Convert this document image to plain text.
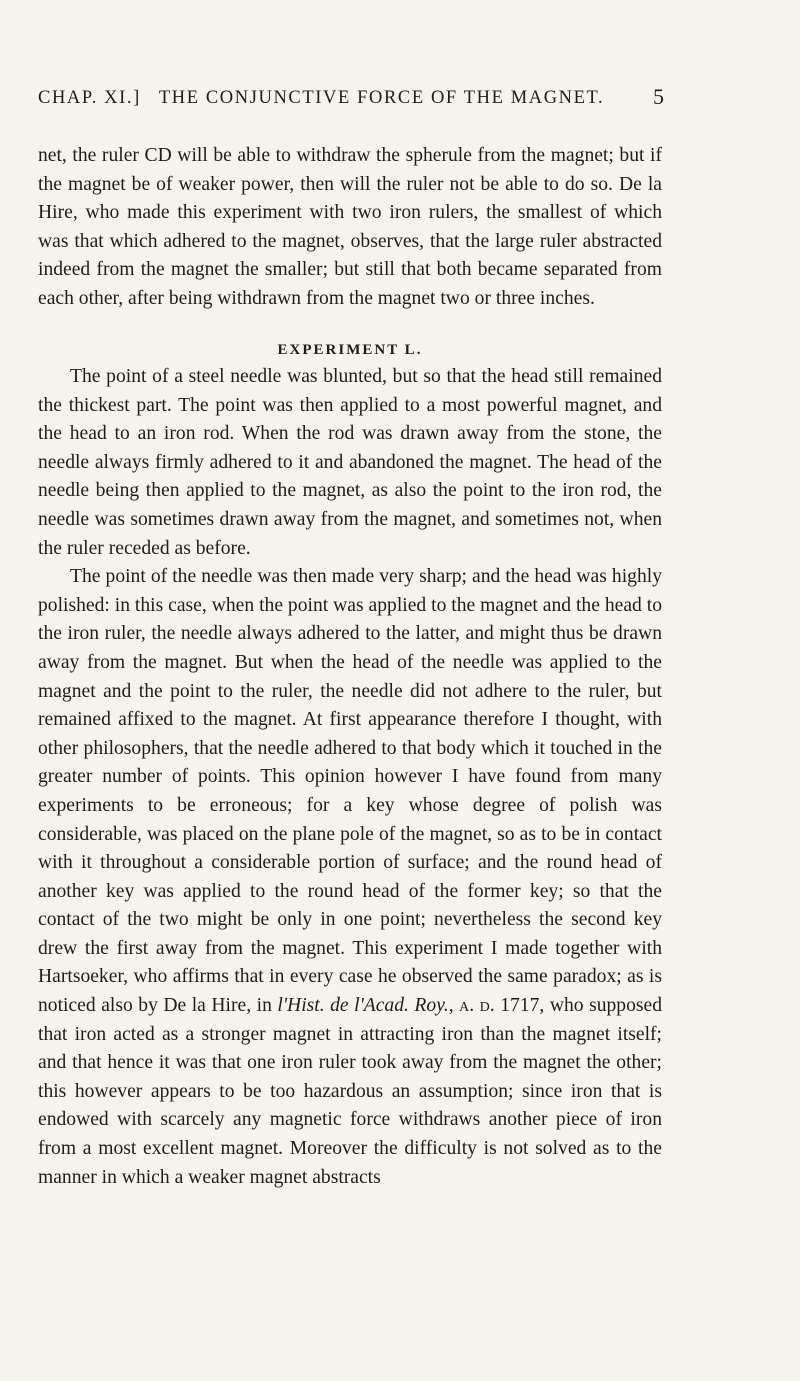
CHAP. XI.] THE CONJUNCTIVE FORCE OF THE MAGNET. 5

net, the ruler CD will be able to withdraw the spherule from the magnet; but if the magnet be of weaker power, then will the ruler not be able to do so. De la Hire, who made this experiment with two iron rulers, the smallest of which was that which adhered to the magnet, observes, that the large ruler abstracted indeed from the magnet the smaller; but still that both became separated from each other, after being withdrawn from the magnet two or three inches.

EXPERIMENT L.

The point of a steel needle was blunted, but so that the head still remained the thickest part. The point was then applied to a most powerful magnet, and the head to an iron rod. When the rod was drawn away from the stone, the needle always firmly adhered to it and abandoned the magnet. The head of the needle being then applied to the magnet, as also the point to the iron rod, the needle was sometimes drawn away from the magnet, and sometimes not, when the ruler receded as before.

The point of the needle was then made very sharp; and the head was highly polished: in this case, when the point was applied to the magnet and the head to the iron ruler, the needle always adhered to the latter, and might thus be drawn away from the magnet. But when the head of the needle was applied to the magnet and the point to the ruler, the needle did not adhere to the ruler, but remained affixed to the magnet. At first appearance therefore I thought, with other philosophers, that the needle adhered to that body which it touched in the greater number of points. This opinion however I have found from many experiments to be erroneous; for a key whose degree of polish was considerable, was placed on the plane pole of the magnet, so as to be in contact with it throughout a considerable portion of surface; and the round head of another key was applied to the round head of the former key; so that the contact of the two might be only in one point; nevertheless the second key drew the first away from the magnet. This experiment I made together with Hartsoeker, who affirms that in every case he observed the same paradox; as is noticed also by De la Hire, in l'Hist. de l'Acad. Roy., a. d. 1717, who supposed that iron acted as a stronger magnet in attracting iron than the magnet itself; and that hence it was that one iron ruler took away from the magnet the other; this however appears to be too hazardous an assumption; since iron that is endowed with scarcely any magnetic force withdraws another piece of iron from a most excellent magnet. Moreover the difficulty is not solved as to the manner in which a weaker magnet abstracts
